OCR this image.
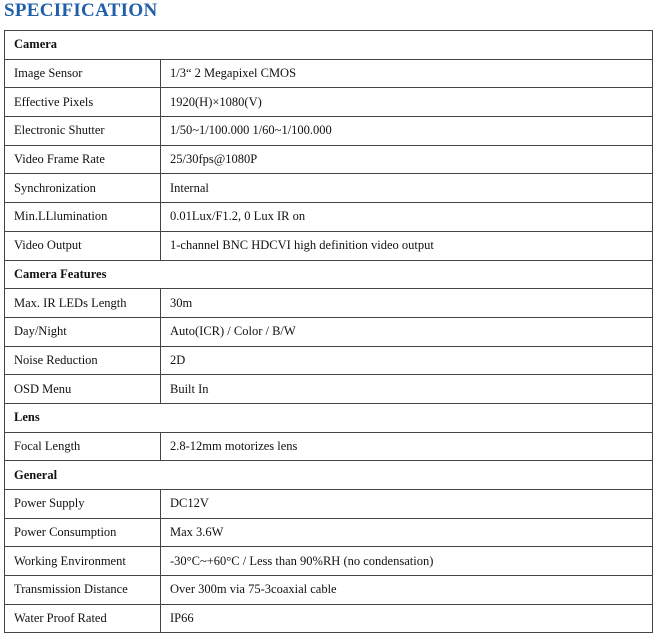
SPECIFICATION
Camera	
Image Sensor	1/3“ 2 Megapixel CMOS
Effective Pixels	1920(H)×1080(V)
Electronic Shutter	1/50~1/100.000 1/60~1/100.000
Video Frame Rate	25/30fps@1080P
Synchronization	Internal
Min.LLlumination	0.01Lux/F1.2, 0 Lux IR on
Video Output	1-channel BNC HDCVI high definition video output
Camera Features	
Max. IR LEDs Length	30m
Day/Night	Auto(ICR) / Color / B/W
Noise Reduction	2D
OSD Menu	Built In
Lens	
Focal Length	2.8-12mm motorizes lens
General	
Power Supply	DC12V
Power Consumption	Max 3.6W
Working Environment	-30°C~+60°C / Less than 90%RH (no condensation)
Transmission Distance	Over 300m via 75-3coaxial cable
Water Proof Rated	IP66
